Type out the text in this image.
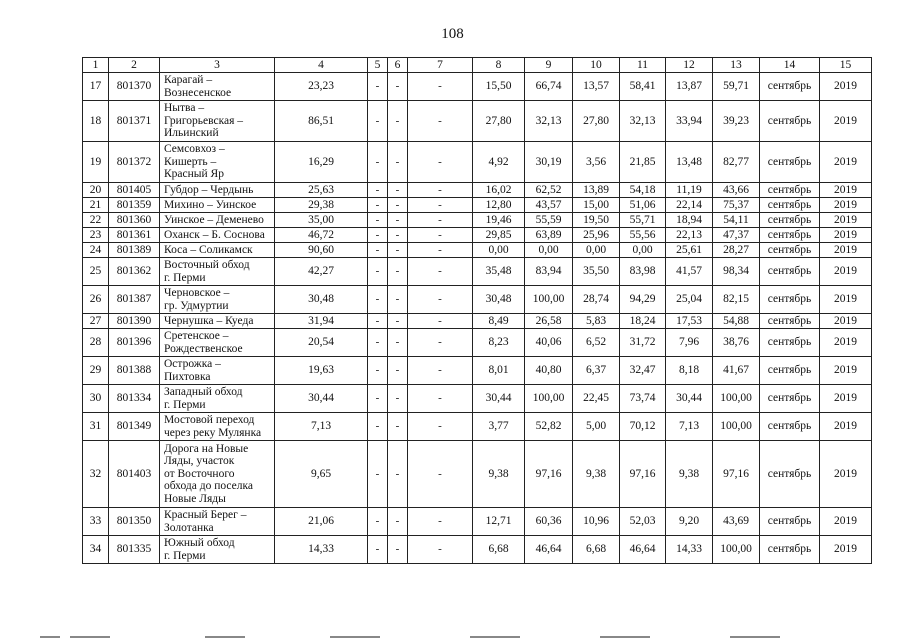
108
1	2	3	4	5	6	7	8	9	10	11	12	13	14	15
17	801370	Карагай –
Вознесенское	23,23	-	-	-	15,50	66,74	13,57	58,41	13,87	59,71	сентябрь	2019
18	801371	Нытва –
Григорьевская –
Ильинский	86,51	-	-	-	27,80	32,13	27,80	32,13	33,94	39,23	сентябрь	2019
19	801372	Семсовхоз –
Кишерть –
Красный Яр	16,29	-	-	-	4,92	30,19	3,56	21,85	13,48	82,77	сентябрь	2019
20	801405	Губдор – Чердынь	25,63	-	-	-	16,02	62,52	13,89	54,18	11,19	43,66	сентябрь	2019
21	801359	Михино – Уинское	29,38	-	-	-	12,80	43,57	15,00	51,06	22,14	75,37	сентябрь	2019
22	801360	Уинское – Деменево	35,00	-	-	-	19,46	55,59	19,50	55,71	18,94	54,11	сентябрь	2019
23	801361	Оханск – Б. Соснова	46,72	-	-	-	29,85	63,89	25,96	55,56	22,13	47,37	сентябрь	2019
24	801389	Коса – Соликамск	90,60	-	-	-	0,00	0,00	0,00	0,00	25,61	28,27	сентябрь	2019
25	801362	Восточный обход
г. Перми	42,27	-	-	-	35,48	83,94	35,50	83,98	41,57	98,34	сентябрь	2019
26	801387	Черновское –
гр. Удмуртии	30,48	-	-	-	30,48	100,00	28,74	94,29	25,04	82,15	сентябрь	2019
27	801390	Чернушка – Куеда	31,94	-	-	-	8,49	26,58	5,83	18,24	17,53	54,88	сентябрь	2019
28	801396	Сретенское –
Рождественское	20,54	-	-	-	8,23	40,06	6,52	31,72	7,96	38,76	сентябрь	2019
29	801388	Острожка –
Пихтовка	19,63	-	-	-	8,01	40,80	6,37	32,47	8,18	41,67	сентябрь	2019
30	801334	Западный обход
г. Перми	30,44	-	-	-	30,44	100,00	22,45	73,74	30,44	100,00	сентябрь	2019
31	801349	Мостовой переход
через реку Мулянка	7,13	-	-	-	3,77	52,82	5,00	70,12	7,13	100,00	сентябрь	2019
32	801403	Дорога на Новые
Ляды, участок
от Восточного
обхода до поселка
Новые Ляды	9,65	-	-	-	9,38	97,16	9,38	97,16	9,38	97,16	сентябрь	2019
33	801350	Красный Берег –
Золотанка	21,06	-	-	-	12,71	60,36	10,96	52,03	9,20	43,69	сентябрь	2019
34	801335	Южный обход
г. Перми	14,33	-	-	-	6,68	46,64	6,68	46,64	14,33	100,00	сентябрь	2019
